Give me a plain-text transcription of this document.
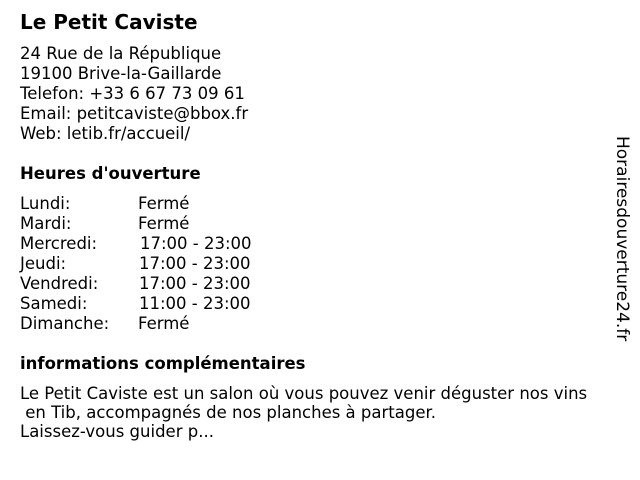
Le Petit Caviste
24 Rue de la République
19100 Brive-la-Gaillarde
Telefon: +33 6 67 73 09 61
Email: petitcaviste@bbox.fr
Web: letib.fr/accueil/
Heures d'ouverture
Lundi:	Fermé
Mardi:	Fermé
Mercredi:	17:00 - 23:00
Jeudi:	17:00 - 23:00
Vendredi: 17:00 - 23:00
Samedi:	11:00 - 23:00
Dimanche: Fermé
informations complémentaires
Le Petit Caviste est un salon où vous pouvez venir déguster nos vins
en Tib, accompagnés de nos planches à partager.
Laissez-vous guider p...
Horairesdouverture24.fr
